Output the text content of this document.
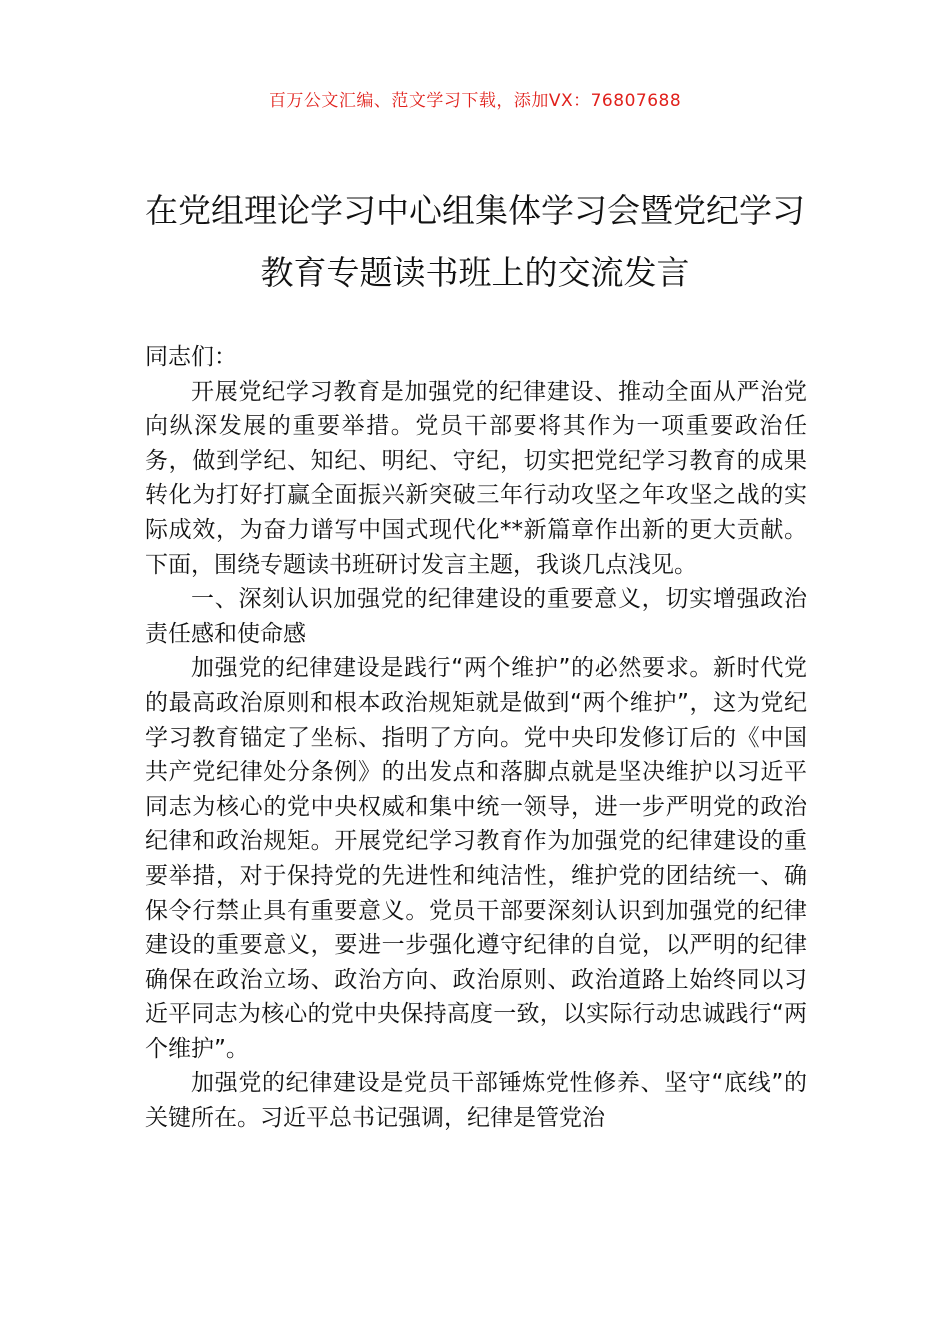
百万公文汇编、范文学习下载，添加VX：76807688
在党组理论学习中心组集体学习会暨党纪学习教育专题读书班上的交流发言

同志们：

开展党纪学习教育是加强党的纪律建设、推动全面从严治党向纵深发展的重要举措。党员干部要将其作为一项重要政治任务，做到学纪、知纪、明纪、守纪，切实把党纪学习教育的成果转化为打好打赢全面振兴新突破三年行动攻坚之年攻坚之战的实际成效，为奋力谱写中国式现代化**新篇章作出新的更大贡献。下面，围绕专题读书班研讨发言主题，我谈几点浅见。

一、深刻认识加强党的纪律建设的重要意义，切实增强政治责任感和使命感

加强党的纪律建设是践行“两个维护”的必然要求。新时代党的最高政治原则和根本政治规矩就是做到“两个维护”，这为党纪学习教育锚定了坐标、指明了方向。党中央印发修订后的《中国共产党纪律处分条例》的出发点和落脚点就是坚决维护以习近平同志为核心的党中央权威和集中统一领导，进一步严明党的政治纪律和政治规矩。开展党纪学习教育作为加强党的纪律建设的重要举措，对于保持党的先进性和纯洁性，维护党的团结统一、确保令行禁止具有重要意义。党员干部要深刻认识到加强党的纪律建设的重要意义，要进一步强化遵守纪律的自觉，以严明的纪律确保在政治立场、政治方向、政治原则、政治道路上始终同以习近平同志为核心的党中央保持高度一致，以实际行动忠诚践行“两个维护”。

加强党的纪律建设是党员干部锤炼党性修养、坚守“底线”的关键所在。习近平总书记强调，纪律是管党治
